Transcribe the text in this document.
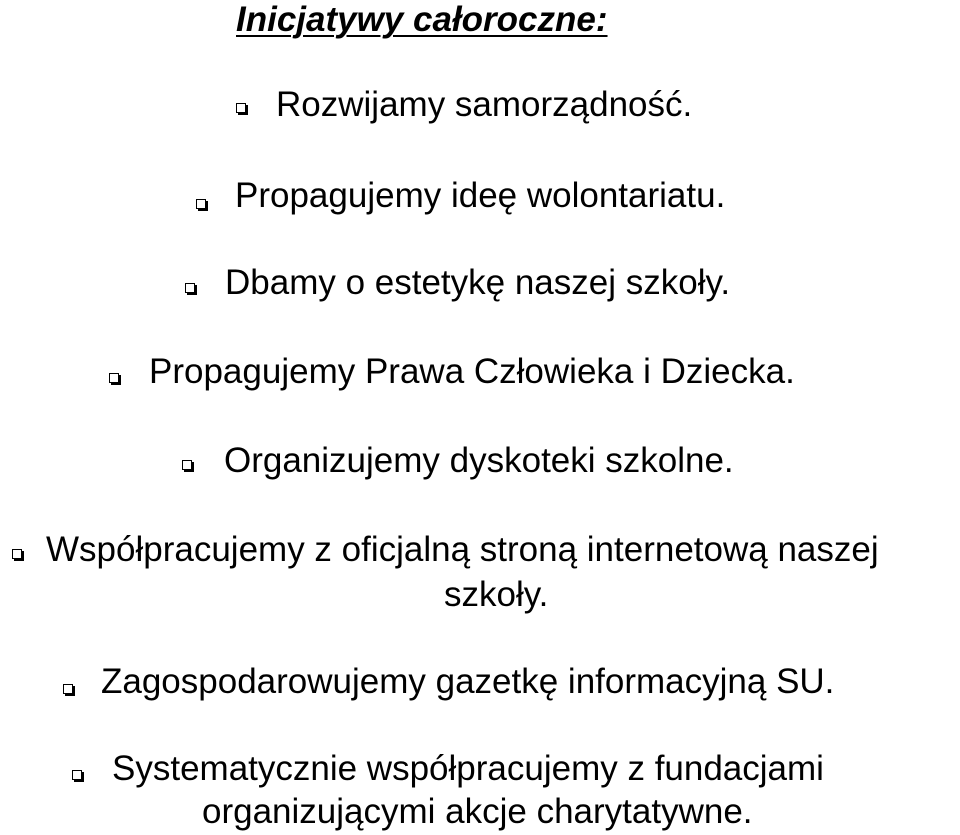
Inicjatywy całoroczne:
Rozwijamy samorządność.
Propagujemy ideę wolontariatu.
Dbamy o estetykę naszej szkoły.
Propagujemy Prawa Człowieka i Dziecka.
Organizujemy dyskoteki szkolne.
Współpracujemy z oficjalną stroną internetową naszej
szkoły.
Zagospodarowujemy gazetkę informacyjną SU.
Systematycznie współpracujemy z fundacjami
organizującymi akcje charytatywne.
